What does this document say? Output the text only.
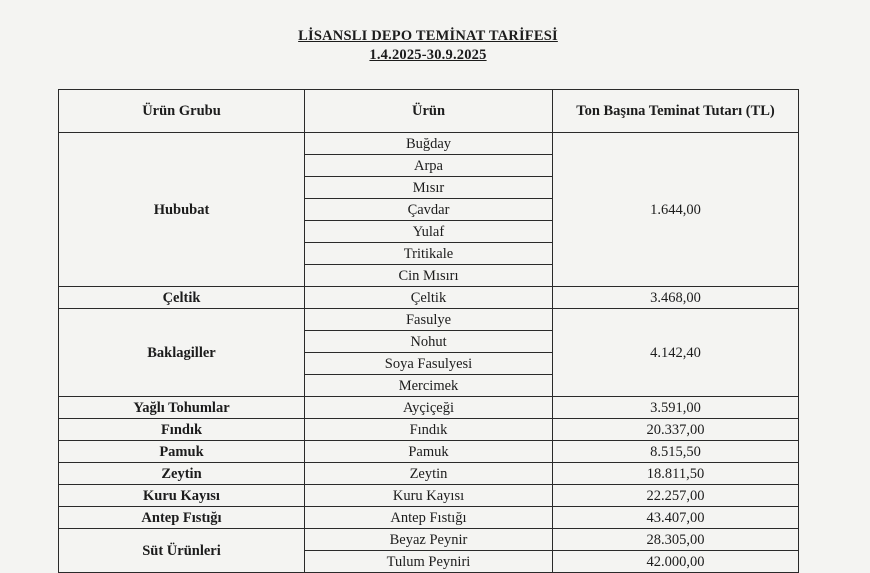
LİSANSLI DEPO TEMİNAT TARİFESİ
1.4.2025-30.9.2025
Ürün Grubu	Ürün	Ton Başına Teminat Tutarı (TL)
Hububat	Buğday	1.644,00
	Arpa	
	Mısır	
	Çavdar	
	Yulaf	
	Tritikale	
	Cin Mısırı	
Çeltik	Çeltik	3.468,00
Baklagiller	Fasulye	4.142,40
	Nohut	
	Soya Fasulyesi	
	Mercimek	
Yağlı Tohumlar	Ayçiçeği	3.591,00
Fındık	Fındık	20.337,00
Pamuk	Pamuk	8.515,50
Zeytin	Zeytin	18.811,50
Kuru Kayısı	Kuru Kayısı	22.257,00
Antep Fıstığı	Antep Fıstığı	43.407,00
Süt Ürünleri	Beyaz Peynir	28.305,00
	Tulum Peyniri	42.000,00
